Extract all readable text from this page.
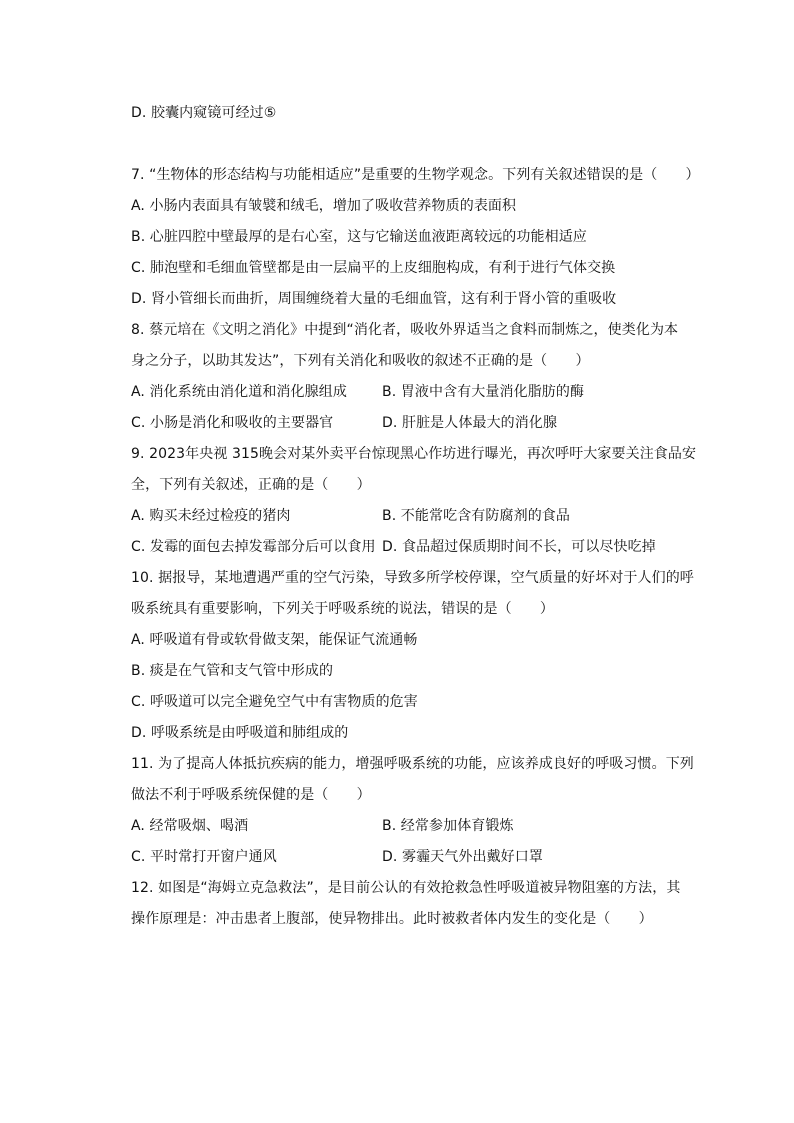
D. 胶囊内窥镜可经过⑤
7. “生物体的形态结构与功能相适应”是重要的生物学观念。下列有关叙述错误的是（　　）
A. 小肠内表面具有皱襞和绒毛，增加了吸收营养物质的表面积
B. 心脏四腔中壁最厚的是右心室，这与它输送血液距离较远的功能相适应
C. 肺泡壁和毛细血管壁都是由一层扁平的上皮细胞构成，有利于进行气体交换
D. 肾小管细长而曲折，周围缠绕着大量的毛细血管，这有利于肾小管的重吸收
8. 蔡元培在《文明之消化》中提到“消化者，吸收外界适当之食料而制炼之，使类化为本
身之分子，以助其发达”，下列有关消化和吸收的叙述不正确的是（　　）
A. 消化系统由消化道和消化腺组成	B. 胃液中含有大量消化脂肪的酶
C. 小肠是消化和吸收的主要器官	D. 肝脏是人体最大的消化腺
9. 2023年央视 315晚会对某外卖平台惊现黑心作坊进行曝光，再次呼吁大家要关注食品安
全，下列有关叙述，正确的是（　　）
A. 购买未经过检疫的猪肉	B. 不能常吃含有防腐剂的食品
C. 发霉的面包去掉发霉部分后可以食用 D. 食品超过保质期时间不长，可以尽快吃掉
10. 据报导，某地遭遇严重的空气污染，导致多所学校停课，空气质量的好坏对于人们的呼
吸系统具有重要影响，下列关于呼吸系统的说法，错误的是（　　）
A. 呼吸道有骨或软骨做支架，能保证气流通畅
B. 痰是在气管和支气管中形成的
C. 呼吸道可以完全避免空气中有害物质的危害
D. 呼吸系统是由呼吸道和肺组成的
11. 为了提高人体抵抗疾病的能力，增强呼吸系统的功能，应该养成良好的呼吸习惯。下列
做法不利于呼吸系统保健的是（　　）
A. 经常吸烟、喝酒	B. 经常参加体育锻炼
C. 平时常打开窗户通风	D. 雾霾天气外出戴好口罩
12. 如图是“海姆立克急救法”，是目前公认的有效抢救急性呼吸道被异物阻塞的方法，其
操作原理是：冲击患者上腹部，使异物排出。此时被救者体内发生的变化是（　　）
